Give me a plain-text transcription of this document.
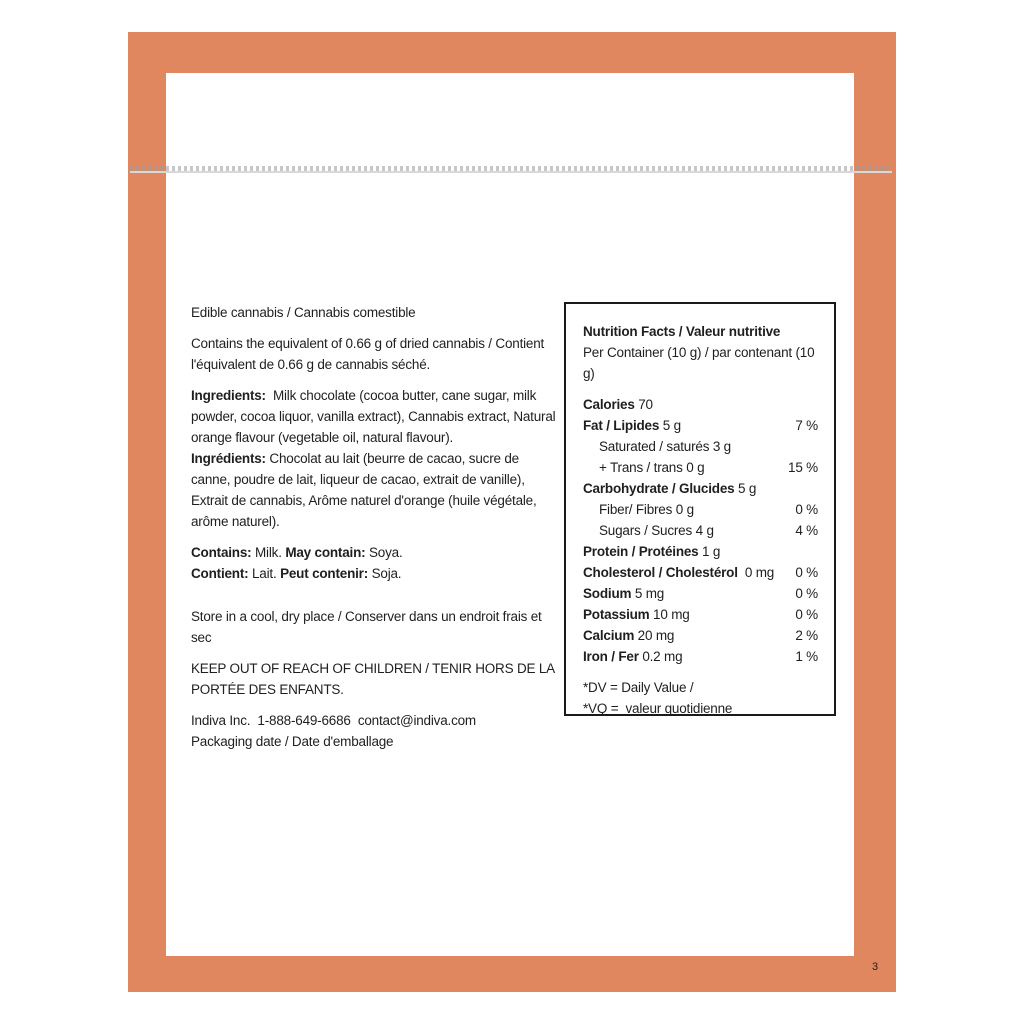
Edible cannabis / Cannabis comestible

Contains the equivalent of 0.66 g of dried cannabis / Contient l'équivalent de 0.66 g de cannabis séché.

Ingredients:  Milk chocolate (cocoa butter, cane sugar, milk powder, cocoa liquor, vanilla extract), Cannabis extract, Natural orange flavour (vegetable oil, natural flavour).
Ingrédients: Chocolat au lait (beurre de cacao, sucre de canne, poudre de lait, liqueur de cacao, extrait de vanille), Extrait de cannabis, Arôme naturel d'orange (huile végétale, arôme naturel).

Contains: Milk. May contain: Soya.
Contient: Lait. Peut contenir: Soja.

Store in a cool, dry place / Conserver dans un endroit frais et sec

KEEP OUT OF REACH OF CHILDREN / TENIR HORS DE LA PORTÉE DES ENFANTS.

Indiva Inc.  1-888-649-6686  contact@indiva.com

Packaging date / Date d'emballage

Nutrition Facts / Valeur nutritive
Per Container (10 g) / par contenant (10 g)
Calories 70
Fat / Lipides 5 g	7 %
Saturated / saturés 3 g
+ Trans / trans 0 g	15 %
Carbohydrate / Glucides 5 g
Fiber/ Fibres 0 g	0 %
Sugars / Sucres 4 g	4 %
Protein / Protéines 1 g
Cholesterol / Cholestérol  0 mg 0 %
Sodium 5 mg	0 %
Potassium 10 mg	0 %
Calcium 20 mg	2 %
Iron / Fer 0.2 mg	1 %
*DV = Daily Value /
*VQ =  valeur quotidienne
3
